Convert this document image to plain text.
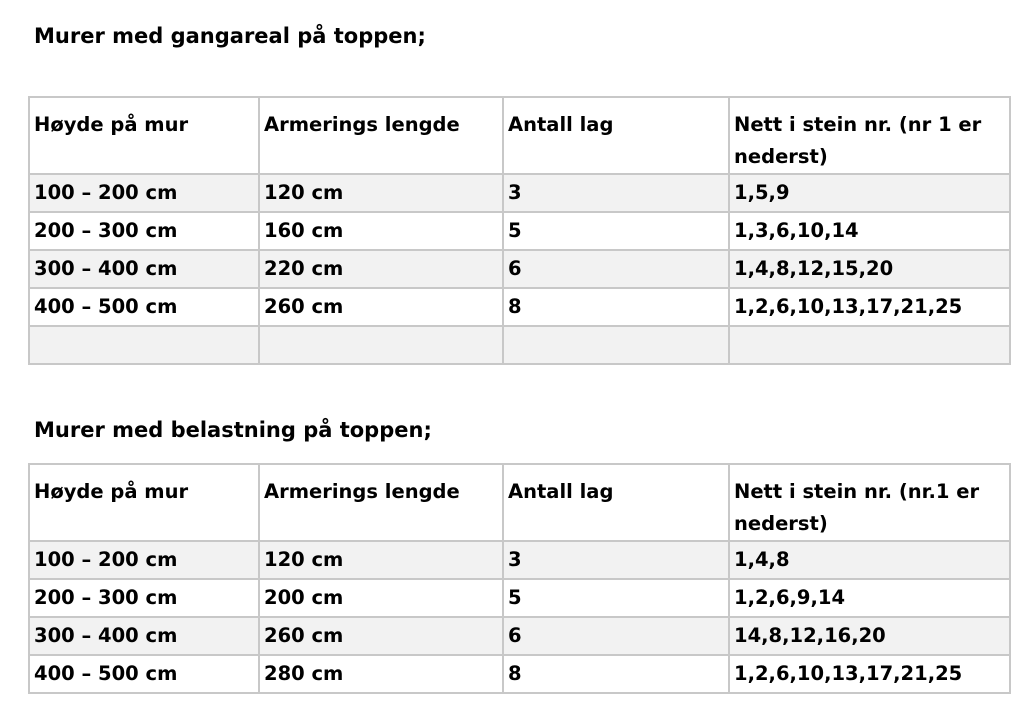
Murer med gangareal på toppen;
Høyde på mur	Armerings lengde	Antall lag	Nett i stein nr. (nr 1 er nederst)
100 – 200 cm	120 cm	3	1,5,9
200 – 300 cm	160 cm	5	1,3,6,10,14
300 – 400 cm	220 cm	6	1,4,8,12,15,20
400 – 500 cm	260 cm	8	1,2,6,10,13,17,21,25

Murer med belastning på toppen;
Høyde på mur	Armerings lengde	Antall lag	Nett i stein nr. (nr.1 er nederst)
100 – 200 cm	120 cm	3	1,4,8
200 – 300 cm	200 cm	5	1,2,6,9,14
300 – 400 cm	260 cm	6	14,8,12,16,20
400 – 500 cm	280 cm	8	1,2,6,10,13,17,21,25
